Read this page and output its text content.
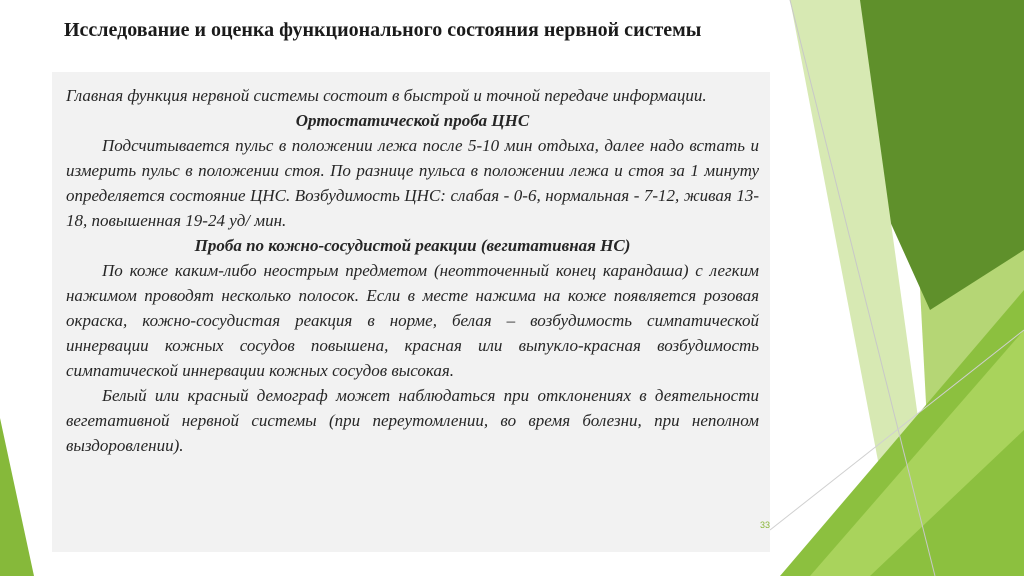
Исследование и оценка функционального состояния нервной системы

Главная функция нервной системы состоит в быстрой и точной передаче информации.

Ортостатической проба ЦНС

Подсчитывается пульс в положении лежа после 5-10 мин отдыха, далее надо встать и измерить пульс в положении стоя. По разнице пульса в положении лежа и стоя за 1 минуту определяется состояние ЦНС. Возбудимость ЦНС: слабая - 0-6, нормальная - 7-12, живая 13-18, повышенная 19-24 уд/ мин.

Проба по кожно-сосудистой реакции (вегитативная НС)

По коже каким-либо неострым предметом (неотточенный конец карандаша) с легким нажимом проводят несколько полосок. Если в месте нажима на коже появляется розовая окраска, кожно-сосудистая реакция в норме, белая – возбудимость симпатической иннервации кожных сосудов повышена, красная или выпукло-красная возбудимость симпатической иннервации кожных сосудов высокая.

Белый или красный демограф может наблюдаться при отклонениях в деятельности вегетативной нервной системы (при переутомлении, во время болезни, при неполном выздоровлении).

33
